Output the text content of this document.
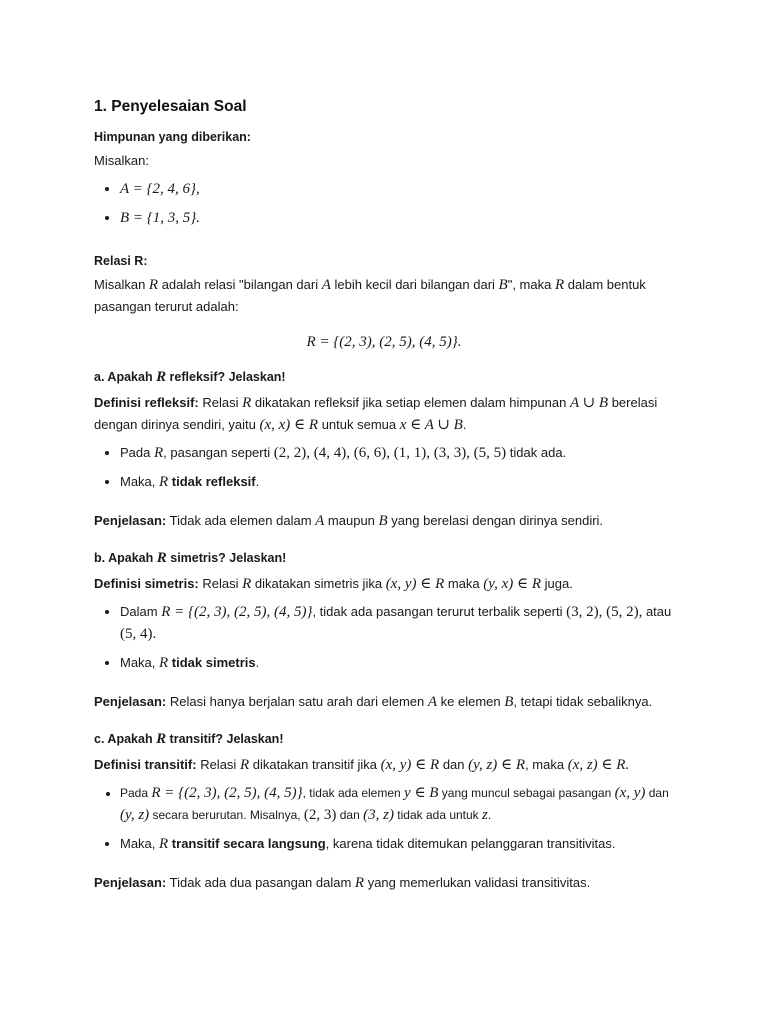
1. Penyelesaian Soal
Himpunan yang diberikan:

Misalkan:

• A = {2, 4, 6},
• B = {1, 3, 5}.
Relasi R:

Misalkan R adalah relasi "bilangan dari A lebih kecil dari bilangan dari B", maka R dalam bentuk pasangan terurut adalah:

R = {(2, 3), (2, 5), (4, 5)}.
a. Apakah R refleksif? Jelaskan!

Definisi refleksif: Relasi R dikatakan refleksif jika setiap elemen dalam himpunan A ∪ B berelasi dengan dirinya sendiri, yaitu (x, x) ∈ R untuk semua x ∈ A ∪ B.

• Pada R, pasangan seperti (2, 2), (4, 4), (6, 6), (1, 1), (3, 3), (5, 5) tidak ada.
• Maka, R tidak refleksif.

Penjelasan: Tidak ada elemen dalam A maupun B yang berelasi dengan dirinya sendiri.

b. Apakah R simetris? Jelaskan!

Definisi simetris: Relasi R dikatakan simetris jika (x, y) ∈ R maka (y, x) ∈ R juga.

• Dalam R = {(2, 3), (2, 5), (4, 5)}, tidak ada pasangan terurut terbalik seperti (3, 2), (5, 2), atau (5, 4).
• Maka, R tidak simetris.

Penjelasan: Relasi hanya berjalan satu arah dari elemen A ke elemen B, tetapi tidak sebaliknya.

c. Apakah R transitif? Jelaskan!

Definisi transitif: Relasi R dikatakan transitif jika (x, y) ∈ R dan (y, z) ∈ R, maka (x, z) ∈ R.

• Pada R = {(2, 3), (2, 5), (4, 5)}, tidak ada elemen y ∈ B yang muncul sebagai pasangan (x, y) dan (y, z) secara berurutan. Misalnya, (2, 3) dan (3, z) tidak ada untuk z.
• Maka, R transitif secara langsung, karena tidak ditemukan pelanggaran transitivitas.

Penjelasan: Tidak ada dua pasangan dalam R yang memerlukan validasi transitivitas.
